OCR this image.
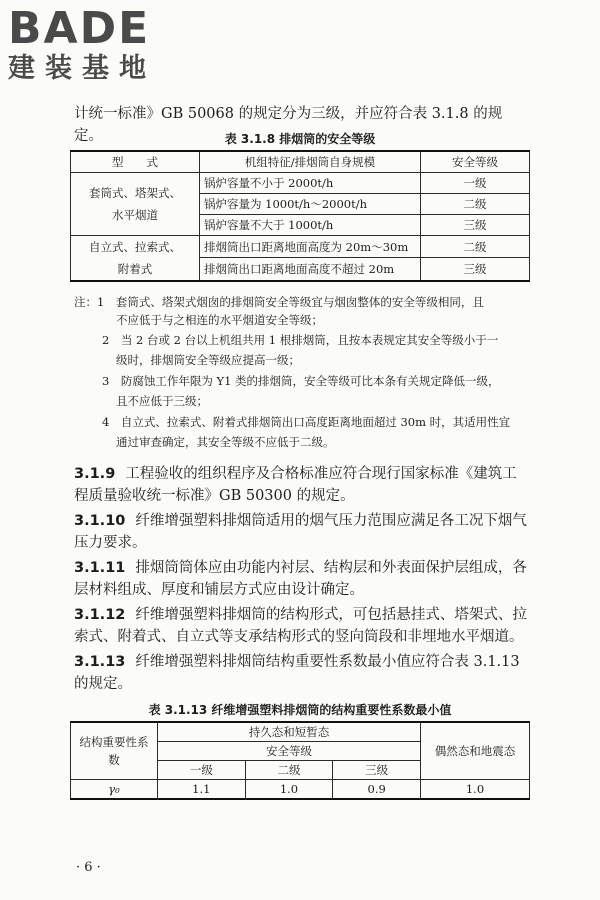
BADE
建装基地
计统一标准》GB 50068 的规定分为三级，并应符合表 3.1.8 的规定。	表 3.1.8 排烟筒的安全等级
型　　式	机组特征/排烟筒自身规模	安全等级
套筒式、塔架式、水平烟道	锅炉容量不小于 2000t/h	一级
	锅炉容量为 1000t/h～2000t/h	二级
	锅炉容量不大于 1000t/h	三级
自立式、拉索式、附着式	排烟筒出口距离地面高度为 20m～30m	二级
	排烟筒出口距离地面高度不超过 20m	三级
注：1　套筒式、塔架式烟囱的排烟筒安全等级宜与烟囱整体的安全等级相同，且
不应低于与之相连的水平烟道安全等级；
2　当 2 台或 2 台以上机组共用 1 根排烟筒，且按本表规定其安全等级小于一
级时，排烟筒安全等级应提高一级；
3　防腐蚀工作年限为 Y1 类的排烟筒，安全等级可比本条有关规定降低一级，
且不应低于三级；
4　自立式、拉索式、附着式排烟筒出口高度距离地面超过 30m 时，其适用性宜
通过审查确定，其安全等级不应低于二级。
3.1.9 工程验收的组织程序及合格标准应符合现行国家标准《建筑工程质量验收统一标准》GB 50300 的规定。
3.1.10 纤维增强塑料排烟筒适用的烟气压力范围应满足各工况下烟气压力要求。
3.1.11 排烟筒筒体应由功能内衬层、结构层和外表面保护层组成，各层材料组成、厚度和铺层方式应由设计确定。
3.1.12 纤维增强塑料排烟筒的结构形式，可包括悬挂式、塔架式、拉索式、附着式、自立式等支承结构形式的竖向筒段和非埋地水平烟道。
3.1.13 纤维增强塑料排烟筒结构重要性系数最小值应符合表 3.1.13 的规定。
表 3.1.13 纤维增强塑料排烟筒的结构重要性系数最小值
结构重要性系数	持久态和短暂态			偶然态和地震态
	安全等级			
	一级	二级	三级	
γ₀	1.1	1.0	0.9	1.0
· 6 ·
